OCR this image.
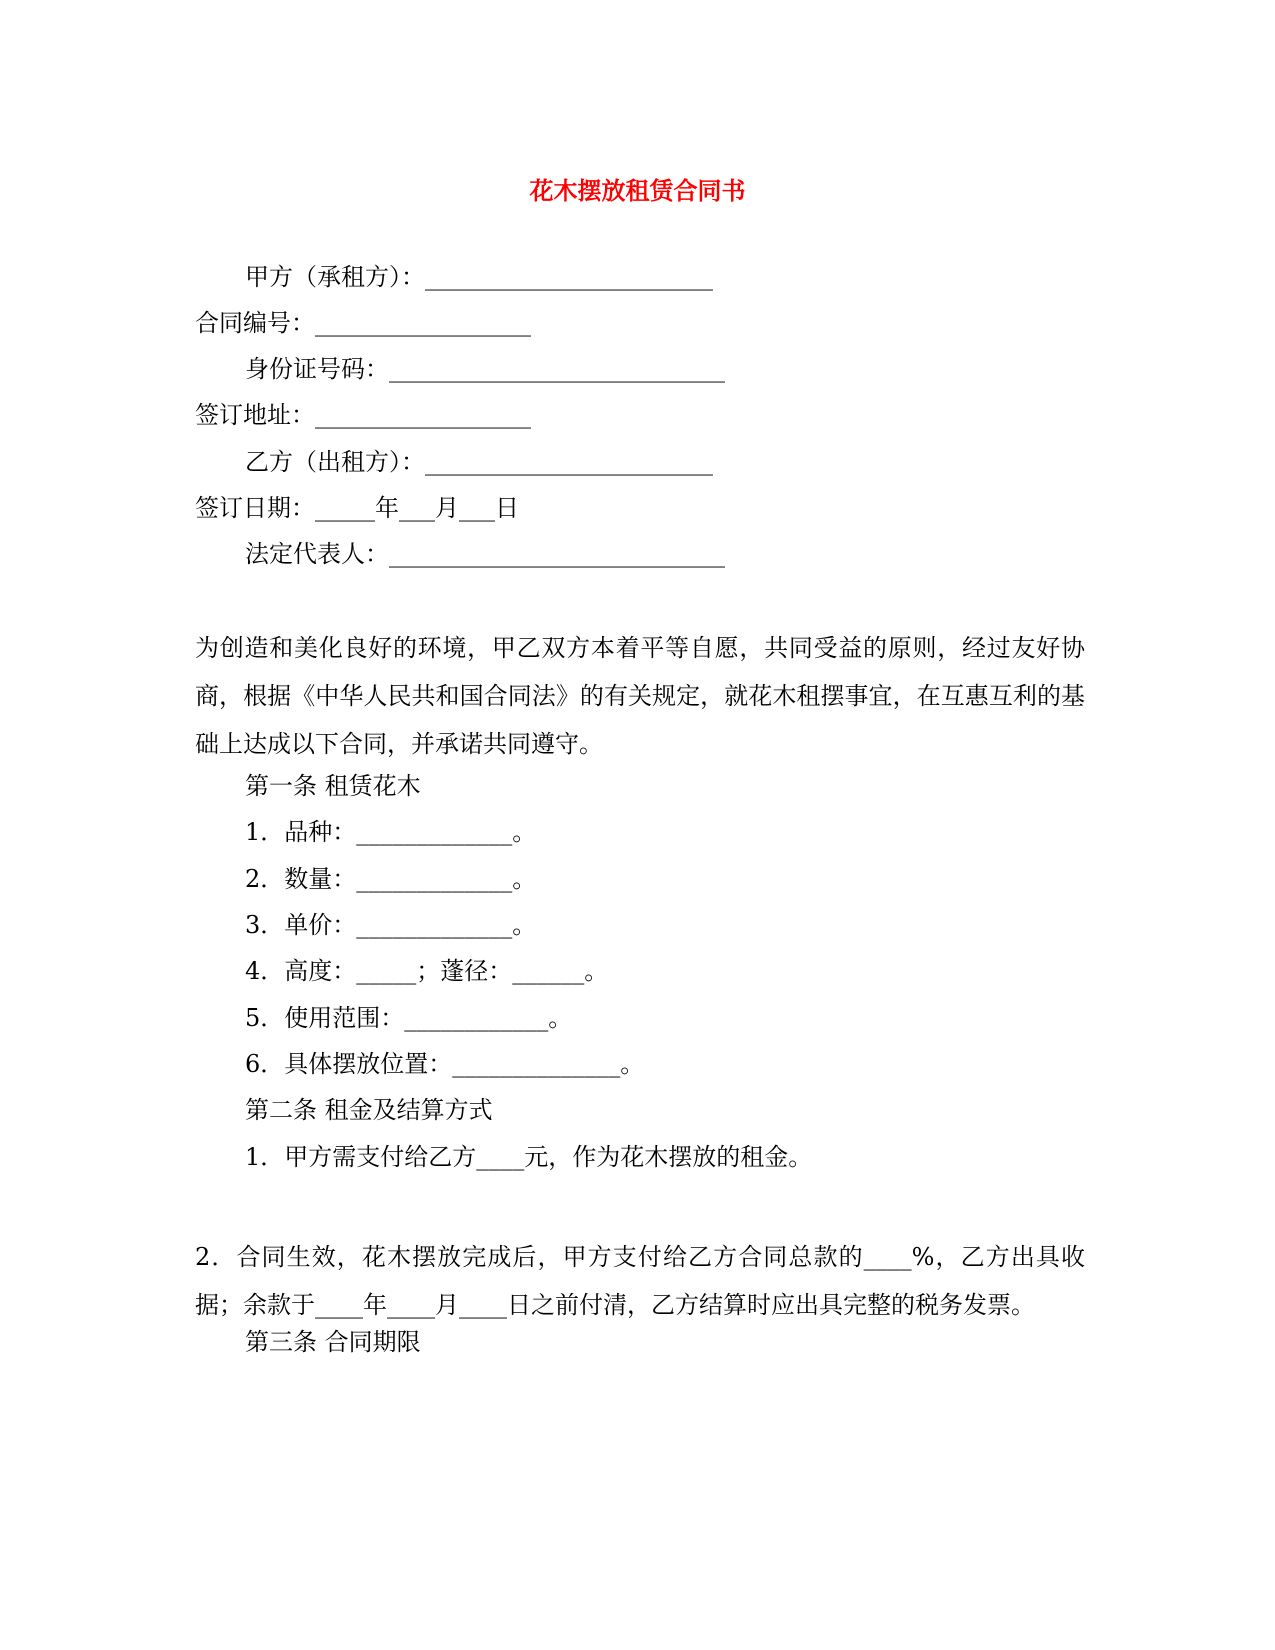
花木摆放租赁合同书

甲方（承租方）：________________________

合同编号：__________________

身份证号码：____________________________

签订地址：__________________

乙方（出租方）：________________________

签订日期：_____年___月___日

法定代表人：____________________________

为创造和美化良好的环境，甲乙双方本着平等自愿，共同受益的原则，经过友好协商，根据《中华人民共和国合同法》的有关规定，就花木租摆事宜，在互惠互利的基础上达成以下合同，并承诺共同遵守。

第一条 租赁花木

1．品种：_____________。

2．数量：_____________。

3．单价：_____________。

4．高度：_____；蓬径：______。

5．使用范围：____________。

6．具体摆放位置：______________。

第二条 租金及结算方式

1．甲方需支付给乙方____元，作为花木摆放的租金。

2．合同生效，花木摆放完成后，甲方支付给乙方合同总款的____%，乙方出具收据；余款于____年____月____日之前付清，乙方结算时应出具完整的税务发票。

第三条 合同期限
